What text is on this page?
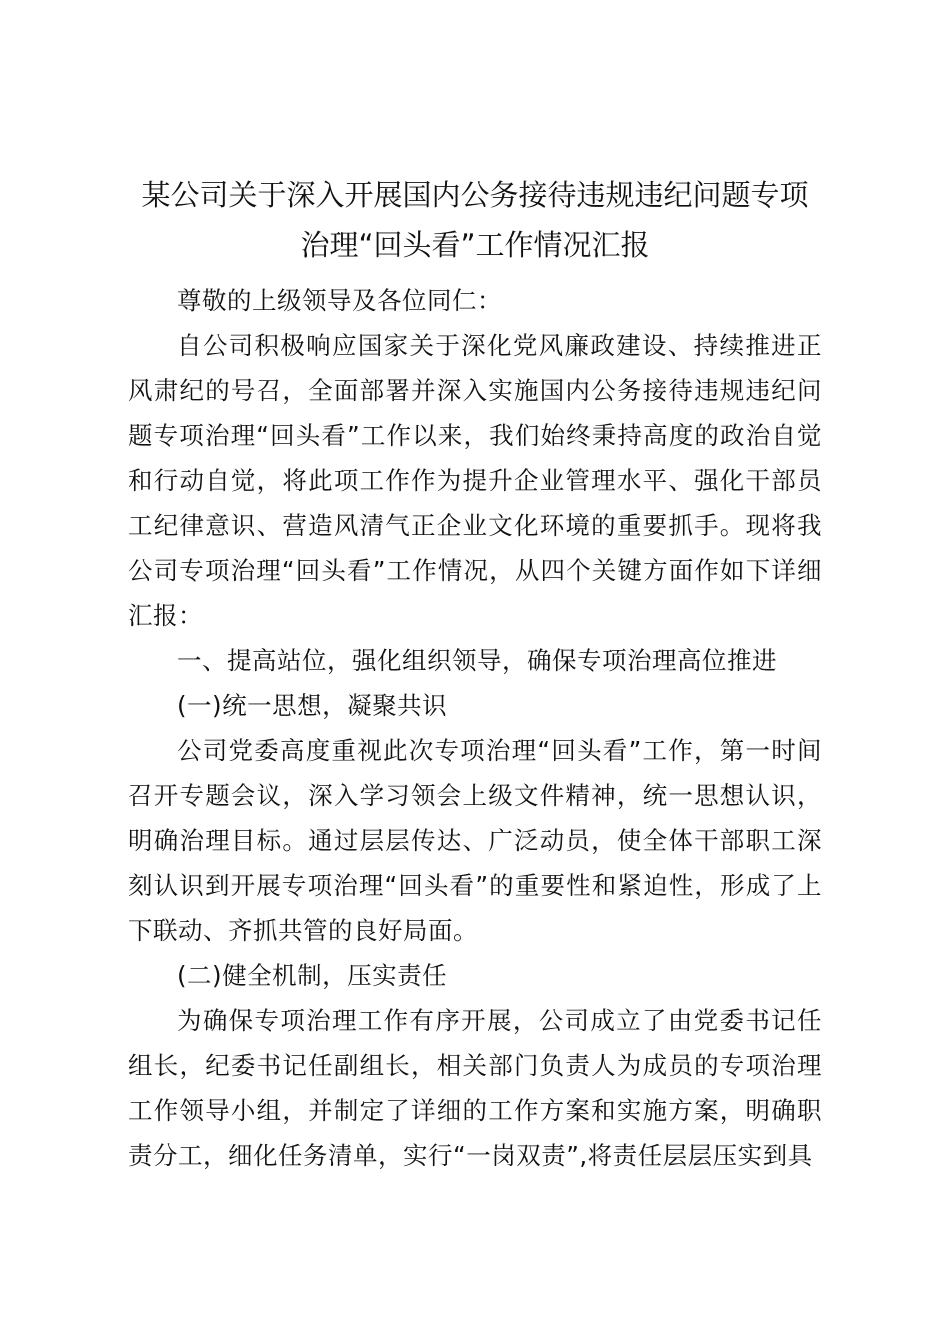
某公司关于深入开展国内公务接待违规违纪问题专项治理“回头看”工作情况汇报

尊敬的上级领导及各位同仁：

自公司积极响应国家关于深化党风廉政建设、持续推进正风肃纪的号召，全面部署并深入实施国内公务接待违规违纪问题专项治理“回头看”工作以来，我们始终秉持高度的政治自觉和行动自觉，将此项工作作为提升企业管理水平、强化干部员工纪律意识、营造风清气正企业文化环境的重要抓手。现将我公司专项治理“回头看”工作情况，从四个关键方面作如下详细汇报：

一、提高站位，强化组织领导，确保专项治理高位推进

(一)统一思想，凝聚共识

公司党委高度重视此次专项治理“回头看”工作，第一时间召开专题会议，深入学习领会上级文件精神，统一思想认识，明确治理目标。通过层层传达、广泛动员，使全体干部职工深刻认识到开展专项治理“回头看”的重要性和紧迫性，形成了上下联动、齐抓共管的良好局面。

(二)健全机制，压实责任

为确保专项治理工作有序开展，公司成立了由党委书记任组长，纪委书记任副组长，相关部门负责人为成员的专项治理工作领导小组，并制定了详细的工作方案和实施方案，明确职责分工，细化任务清单，实行“一岗双责”,将责任层层压实到具
